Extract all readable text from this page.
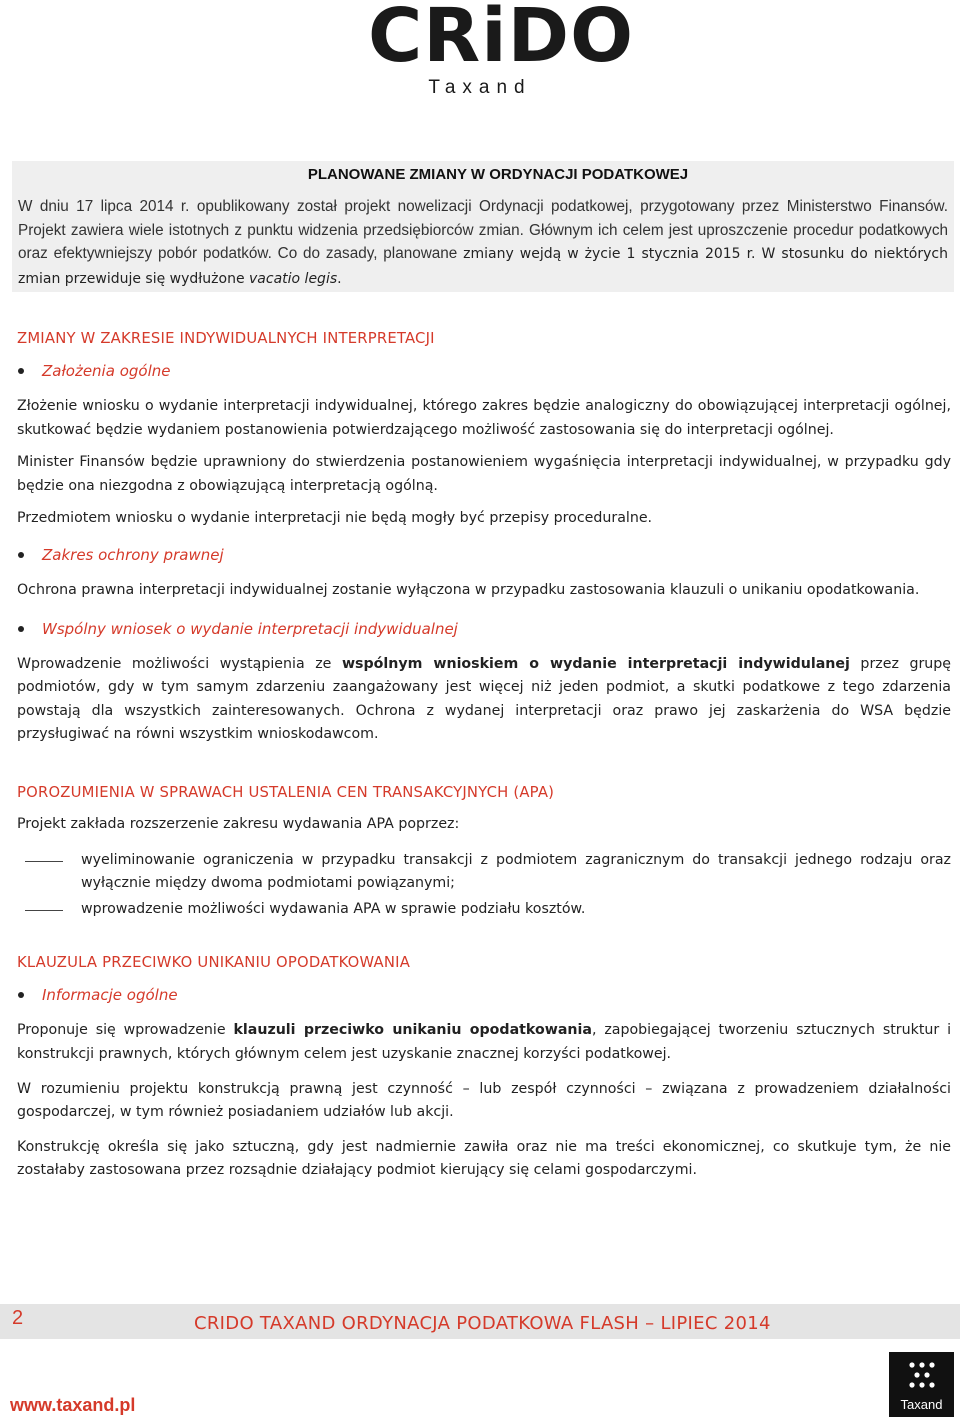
CRiDO
Taxand
PLANOWANE ZMIANY W ORDYNACJI PODATKOWEJ

W dniu 17 lipca 2014 r. opublikowany został projekt nowelizacji Ordynacji podatkowej, przygotowany przez Ministerstwo Finansów. Projekt zawiera wiele istotnych z punktu widzenia przedsiębiorców zmian. Głównym ich celem jest uproszczenie procedur podatkowych oraz efektywniejszy pobór podatków. Co do zasady, planowane zmiany wejdą w życie 1 stycznia 2015 r. W stosunku do niektórych zmian przewiduje się wydłużone vacatio legis.

ZMIANY W ZAKRESIE INDYWIDUALNYCH INTERPRETACJI
Założenia ogólne

Złożenie wniosku o wydanie interpretacji indywidualnej, którego zakres będzie analogiczny do obowiązującej interpretacji ogólnej, skutkować będzie wydaniem postanowienia potwierdzającego możliwość zastosowania się do interpretacji ogólnej.

Minister Finansów będzie uprawniony do stwierdzenia postanowieniem wygaśnięcia interpretacji indywidualnej, w przypadku gdy będzie ona niezgodna z obowiązującą interpretacją ogólną.

Przedmiotem wniosku o wydanie interpretacji nie będą mogły być przepisy proceduralne.

Zakres ochrony prawnej

Ochrona prawna interpretacji indywidualnej zostanie wyłączona w przypadku zastosowania klauzuli o unikaniu opodatkowania.

Wspólny wniosek o wydanie interpretacji indywidualnej

Wprowadzenie możliwości wystąpienia ze wspólnym wnioskiem o wydanie interpretacji indywidulanej przez grupę podmiotów, gdy w tym samym zdarzeniu zaangażowany jest więcej niż jeden podmiot, a skutki podatkowe z tego zdarzenia powstają dla wszystkich zainteresowanych. Ochrona z wydanej interpretacji oraz prawo jej zaskarżenia do WSA będzie przysługiwać na równi wszystkim wnioskodawcom.

POROZUMIENIA W SPRAWACH USTALENIA CEN TRANSAKCYJNYCH (APA)

Projekt zakłada rozszerzenie zakresu wydawania APA poprzez:

wyeliminowanie ograniczenia w przypadku transakcji z podmiotem zagranicznym do transakcji jednego rodzaju oraz wyłącznie między dwoma podmiotami powiązanymi;
wprowadzenie możliwości wydawania APA w sprawie podziału kosztów.
KLAUZULA PRZECIWKO UNIKANIU OPODATKOWANIA
Informacje ogólne

Proponuje się wprowadzenie klauzuli przeciwko unikaniu opodatkowania, zapobiegającej tworzeniu sztucznych struktur i konstrukcji prawnych, których głównym celem jest uzyskanie znacznej korzyści podatkowej.

W rozumieniu projektu konstrukcją prawną jest czynność – lub zespół czynności – związana z prowadzeniem działalności gospodarczej, w tym również posiadaniem udziałów lub akcji.

Konstrukcję określa się jako sztuczną, gdy jest nadmiernie zawiła oraz nie ma treści ekonomicznej, co skutkuje tym, że nie zostałaby zastosowana przez rozsądnie działający podmiot kierujący się celami gospodarczymi.

2	CRIDO TAXAND ORDYNACJA PODATKOWA FLASH – LIPIEC 2014
www.taxand.pl	Taxand
